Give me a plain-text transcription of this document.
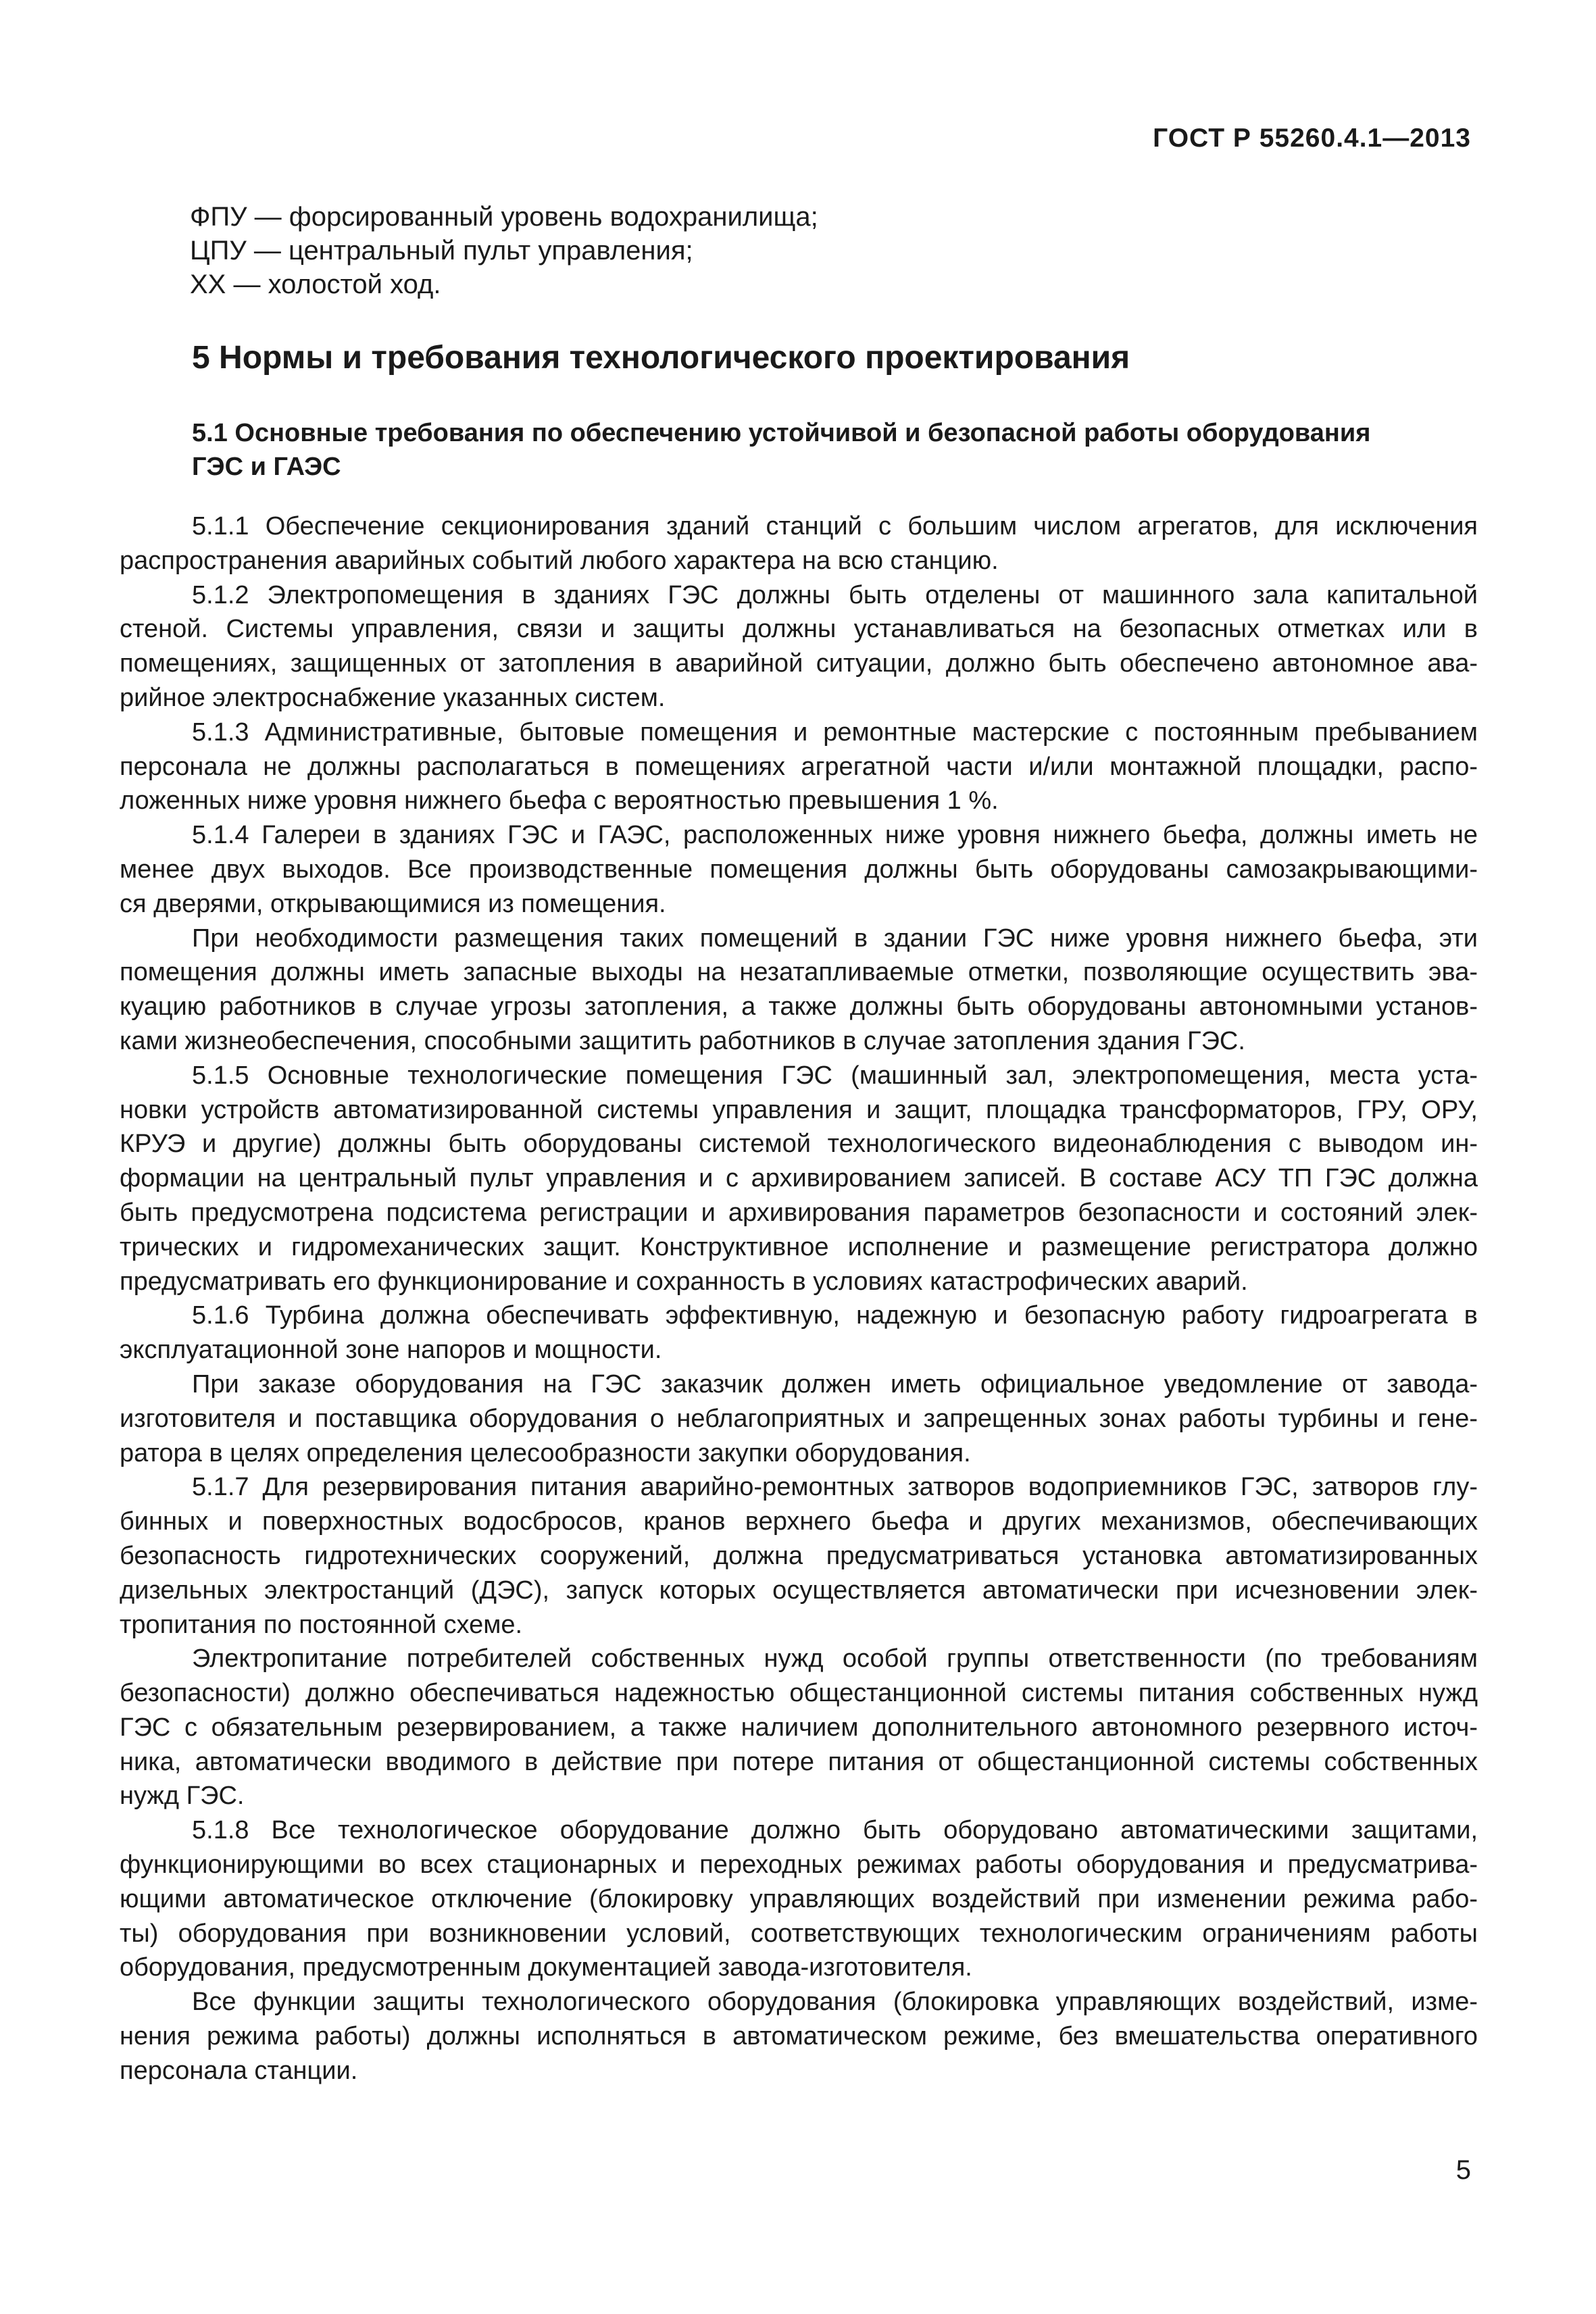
ГОСТ Р 55260.4.1—2013

ФПУ — форсированный уровень водохранилища;

ЦПУ — центральный пульт управления;

ХХ — холостой ход.

5 Нормы и требования технологического проектирования
5.1 Основные требования по обеспечению устойчивой и безопасной работы оборудования
ГЭС и ГАЭС

5.1.1 Обеспечение секционирования зданий станций с большим числом агрегатов, для исключения
распространения аварийных событий любого характера на всю станцию.

5.1.2 Электропомещения в зданиях ГЭС должны быть отделены от машинного зала капитальной
стеной. Системы управления, связи и защиты должны устанавливаться на безопасных отметках или в
помещениях, защищенных от затопления в аварийной ситуации, должно быть обеспечено автономное ава-
рийное электроснабжение указанных систем.

5.1.3 Административные, бытовые помещения и ремонтные мастерские с постоянным пребыванием
персонала не должны располагаться в помещениях агрегатной части и/или монтажной площадки, распо-
ложенных ниже уровня нижнего бьефа с вероятностью превышения 1 %.

5.1.4 Галереи в зданиях ГЭС и ГАЭС, расположенных ниже уровня нижнего бьефа, должны иметь не
менее двух выходов. Все производственные помещения должны быть оборудованы самозакрывающими-
ся дверями, открывающимися из помещения.

При необходимости размещения таких помещений в здании ГЭС ниже уровня нижнего бьефа, эти
помещения должны иметь запасные выходы на незатапливаемые отметки, позволяющие осуществить эва-
куацию работников в случае угрозы затопления, а также должны быть оборудованы автономными установ-
ками жизнеобеспечения, способными защитить работников в случае затопления здания ГЭС.

5.1.5 Основные технологические помещения ГЭС (машинный зал, электропомещения, места уста-
новки устройств автоматизированной системы управления и защит, площадка трансформаторов, ГРУ, ОРУ,
КРУЭ и другие) должны быть оборудованы системой технологического видеонаблюдения с выводом ин-
формации на центральный пульт управления и с архивированием записей. В составе АСУ ТП ГЭС должна
быть предусмотрена подсистема регистрации и архивирования параметров безопасности и состояний элек-
трических и гидромеханических защит. Конструктивное исполнение и размещение регистратора должно
предусматривать его функционирование и сохранность в условиях катастрофических аварий.

5.1.6 Турбина должна обеспечивать эффективную, надежную и безопасную работу гидроагрегата в
эксплуатационной зоне напоров и мощности.

При заказе оборудования на ГЭС заказчик должен иметь официальное уведомление от завода-
изготовителя и поставщика оборудования о неблагоприятных и запрещенных зонах работы турбины и гене-
ратора в целях определения целесообразности закупки оборудования.

5.1.7 Для резервирования питания аварийно-ремонтных затворов водоприемников ГЭС, затворов глу-
бинных и поверхностных водосбросов, кранов верхнего бьефа и других механизмов, обеспечивающих
безопасность гидротехнических сооружений, должна предусматриваться установка автоматизированных
дизельных электростанций (ДЭС), запуск которых осуществляется автоматически при исчезновении элек-
тропитания по постоянной схеме.

Электропитание потребителей собственных нужд особой группы ответственности (по требованиям
безопасности) должно обеспечиваться надежностью общестанционной системы питания собственных нужд
ГЭС с обязательным резервированием, а также наличием дополнительного автономного резервного источ-
ника, автоматически вводимого в действие при потере питания от общестанционной системы собственных
нужд ГЭС.

5.1.8 Все технологическое оборудование должно быть оборудовано автоматическими защитами,
функционирующими во всех стационарных и переходных режимах работы оборудования и предусматрива-
ющими автоматическое отключение (блокировку управляющих воздействий при изменении режима рабо-
ты) оборудования при возникновении условий, соответствующих технологическим ограничениям работы
оборудования, предусмотренным документацией завода-изготовителя.

Все функции защиты технологического оборудования (блокировка управляющих воздействий, изме-
нения режима работы) должны исполняться в автоматическом режиме, без вмешательства оперативного
персонала станции.

5
